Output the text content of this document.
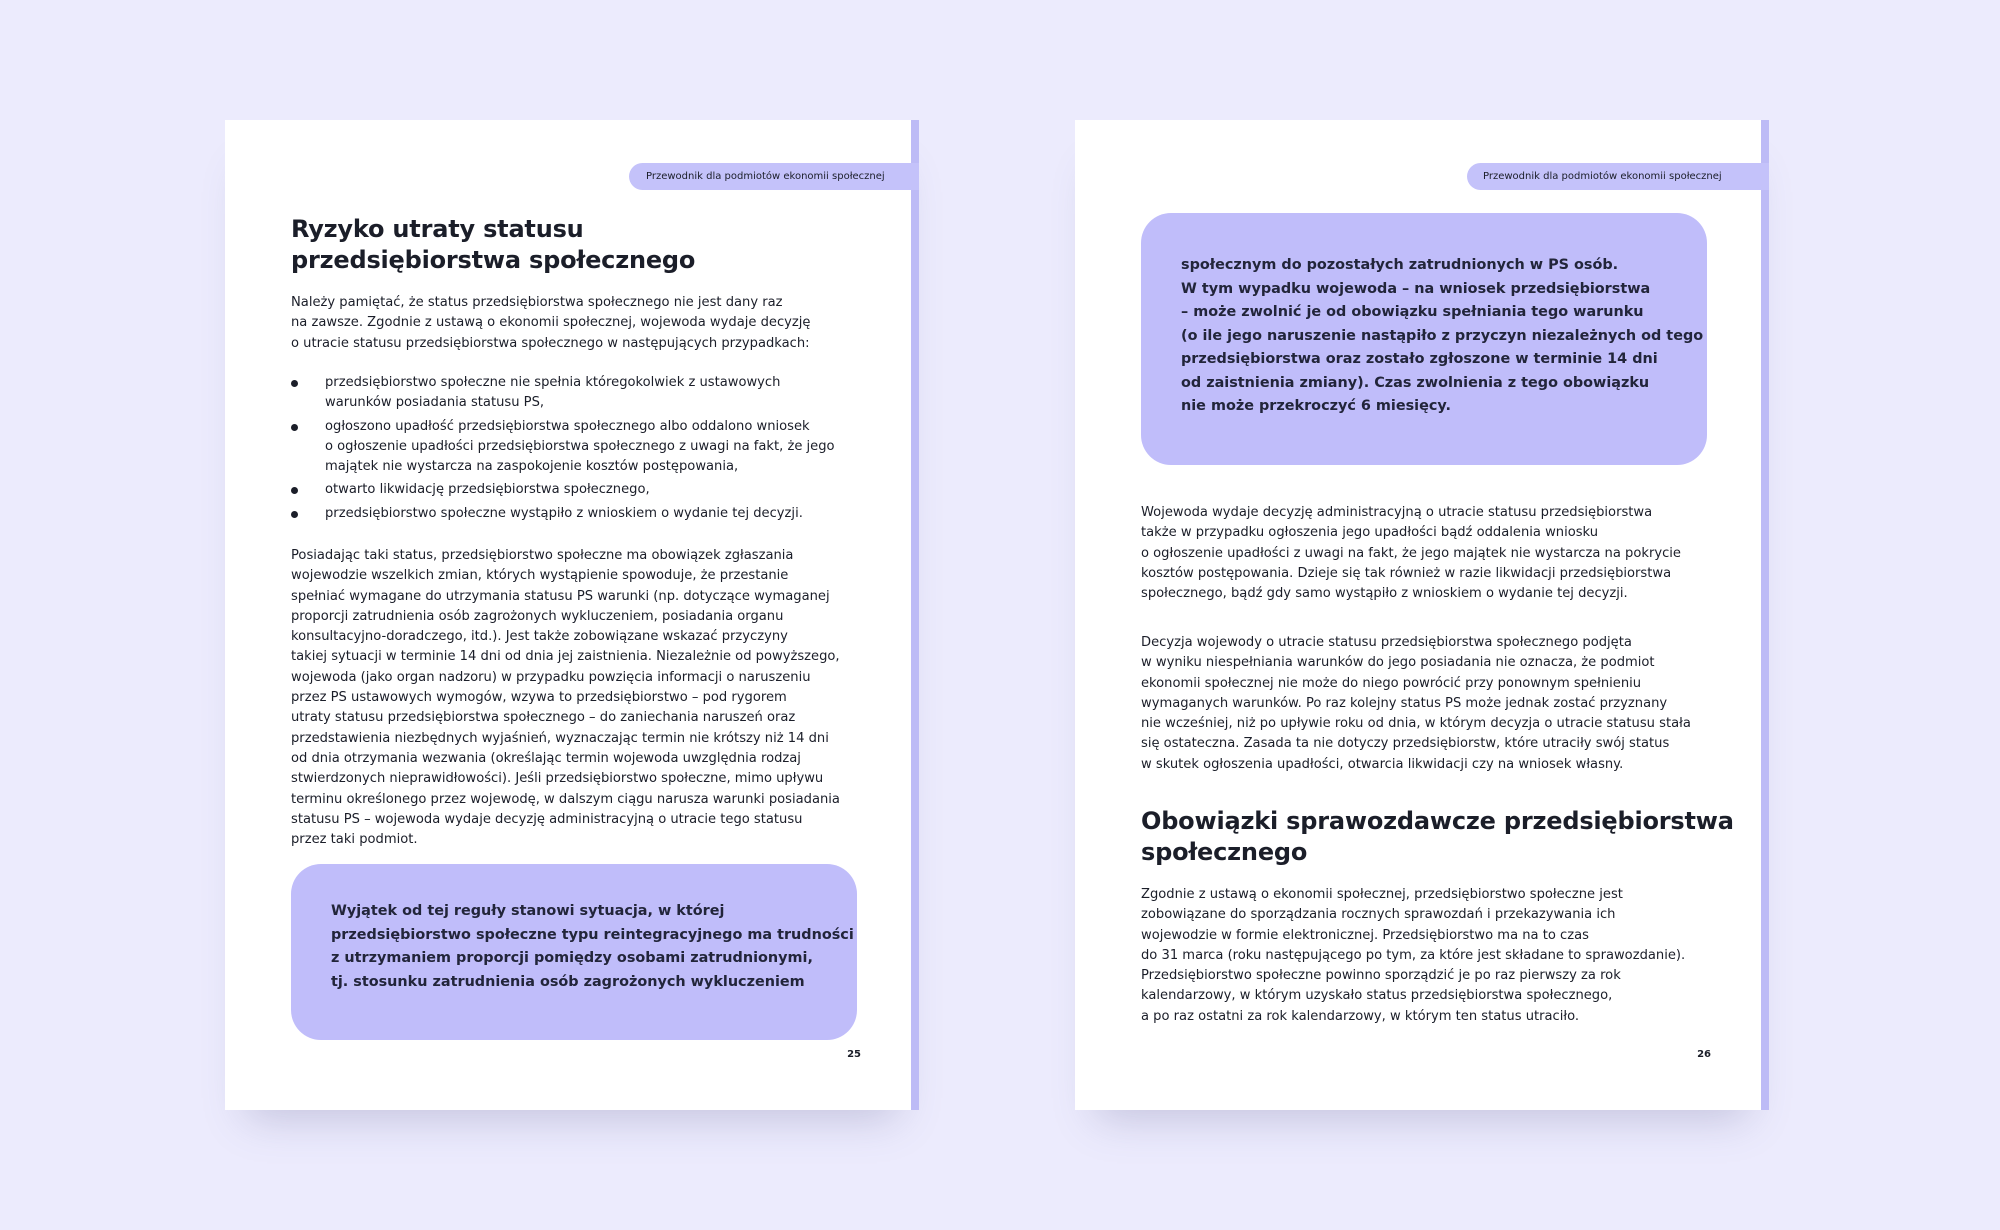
Przewodnik dla podmiotów ekonomii społecznej
Ryzyko utraty statusu
przedsiębiorstwa społecznego

Należy pamiętać, że status przedsiębiorstwa społecznego nie jest dany raz
na zawsze. Zgodnie z ustawą o ekonomii społecznej, wojewoda wydaje decyzję
o utracie statusu przedsiębiorstwa społecznego w następujących przypadkach:

przedsiębiorstwo społeczne nie spełnia któregokolwiek z ustawowych
warunków posiadania statusu PS,
ogłoszono upadłość przedsiębiorstwa społecznego albo oddalono wniosek
o ogłoszenie upadłości przedsiębiorstwa społecznego z uwagi na fakt, że jego
majątek nie wystarcza na zaspokojenie kosztów postępowania,
otwarto likwidację przedsiębiorstwa społecznego,
przedsiębiorstwo społeczne wystąpiło z wnioskiem o wydanie tej decyzji.

Posiadając taki status, przedsiębiorstwo społeczne ma obowiązek zgłaszania
wojewodzie wszelkich zmian, których wystąpienie spowoduje, że przestanie
spełniać wymagane do utrzymania statusu PS warunki (np. dotyczące wymaganej
proporcji zatrudnienia osób zagrożonych wykluczeniem, posiadania organu
konsultacyjno-doradczego, itd.). Jest także zobowiązane wskazać przyczyny
takiej sytuacji w terminie 14 dni od dnia jej zaistnienia. Niezależnie od powyższego,
wojewoda (jako organ nadzoru) w przypadku powzięcia informacji o naruszeniu
przez PS ustawowych wymogów, wzywa to przedsiębiorstwo – pod rygorem
utraty statusu przedsiębiorstwa społecznego – do zaniechania naruszeń oraz
przedstawienia niezbędnych wyjaśnień, wyznaczając termin nie krótszy niż 14 dni
od dnia otrzymania wezwania (określając termin wojewoda uwzględnia rodzaj
stwierdzonych nieprawidłowości). Jeśli przedsiębiorstwo społeczne, mimo upływu
terminu określonego przez wojewodę, w dalszym ciągu narusza warunki posiadania
statusu PS – wojewoda wydaje decyzję administracyjną o utracie tego statusu
przez taki podmiot.

Wyjątek od tej reguły stanowi sytuacja, w której
przedsiębiorstwo społeczne typu reintegracyjnego ma trudności
z utrzymaniem proporcji pomiędzy osobami zatrudnionymi,
tj. stosunku zatrudnienia osób zagrożonych wykluczeniem

25
Przewodnik dla podmiotów ekonomii społecznej

społecznym do pozostałych zatrudnionych w PS osób.
W tym wypadku wojewoda – na wniosek przedsiębiorstwa
– może zwolnić je od obowiązku spełniania tego warunku
(o ile jego naruszenie nastąpiło z przyczyn niezależnych od tego
przedsiębiorstwa oraz zostało zgłoszone w terminie 14 dni
od zaistnienia zmiany). Czas zwolnienia z tego obowiązku
nie może przekroczyć 6 miesięcy.

Wojewoda wydaje decyzję administracyjną o utracie statusu przedsiębiorstwa
także w przypadku ogłoszenia jego upadłości bądź oddalenia wniosku
o ogłoszenie upadłości z uwagi na fakt, że jego majątek nie wystarcza na pokrycie
kosztów postępowania. Dzieje się tak również w razie likwidacji przedsiębiorstwa
społecznego, bądź gdy samo wystąpiło z wnioskiem o wydanie tej decyzji.

Decyzja wojewody o utracie statusu przedsiębiorstwa społecznego podjęta
w wyniku niespełniania warunków do jego posiadania nie oznacza, że podmiot
ekonomii społecznej nie może do niego powrócić przy ponownym spełnieniu
wymaganych warunków. Po raz kolejny status PS może jednak zostać przyznany
nie wcześniej, niż po upływie roku od dnia, w którym decyzja o utracie statusu stała
się ostateczna. Zasada ta nie dotyczy przedsiębiorstw, które utraciły swój status
w skutek ogłoszenia upadłości, otwarcia likwidacji czy na wniosek własny.

Obowiązki sprawozdawcze przedsiębiorstwa
społecznego

Zgodnie z ustawą o ekonomii społecznej, przedsiębiorstwo społeczne jest
zobowiązane do sporządzania rocznych sprawozdań i przekazywania ich
wojewodzie w formie elektronicznej. Przedsiębiorstwo ma na to czas
do 31 marca (roku następującego po tym, za które jest składane to sprawozdanie).
Przedsiębiorstwo społeczne powinno sporządzić je po raz pierwszy za rok
kalendarzowy, w którym uzyskało status przedsiębiorstwa społecznego,
a po raz ostatni za rok kalendarzowy, w którym ten status utraciło.

26
